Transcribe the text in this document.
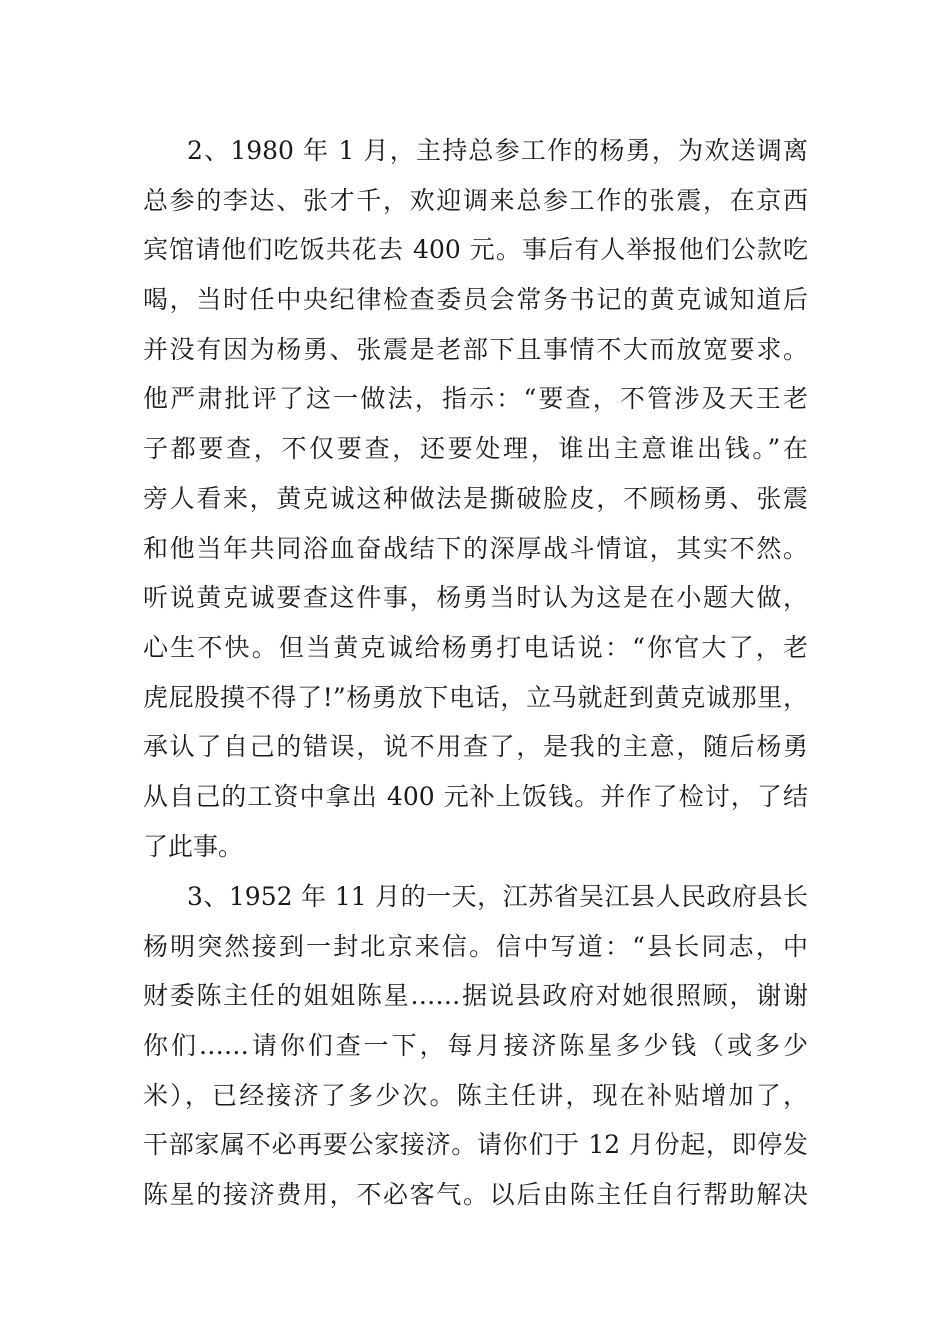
2、1980 年 1 月，主持总参工作的杨勇，为欢送调离
总参的李达、张才千，欢迎调来总参工作的张震，在京西
宾馆请他们吃饭共花去 400 元。事后有人举报他们公款吃
喝，当时任中央纪律检查委员会常务书记的黄克诚知道后
并没有因为杨勇、张震是老部下且事情不大而放宽要求。
他严肃批评了这一做法，指示：“要查，不管涉及天王老
子都要查，不仅要查，还要处理，谁出主意谁出钱。”在
旁人看来，黄克诚这种做法是撕破脸皮，不顾杨勇、张震
和他当年共同浴血奋战结下的深厚战斗情谊，其实不然。
听说黄克诚要查这件事，杨勇当时认为这是在小题大做，
心生不快。但当黄克诚给杨勇打电话说：“你官大了，老
虎屁股摸不得了!”杨勇放下电话，立马就赶到黄克诚那里，
承认了自己的错误，说不用查了，是我的主意，随后杨勇
从自己的工资中拿出 400 元补上饭钱。并作了检讨，了结
了此事。
3、1952 年 11 月的一天，江苏省吴江县人民政府县长
杨明突然接到一封北京来信。信中写道：“县长同志，中
财委陈主任的姐姐陈星……据说县政府对她很照顾，谢谢
你们……请你们查一下，每月接济陈星多少钱（或多少
米），已经接济了多少次。陈主任讲，现在补贴增加了，
干部家属不必再要公家接济。请你们于 12 月份起，即停发
陈星的接济费用，不必客气。以后由陈主任自行帮助解决
